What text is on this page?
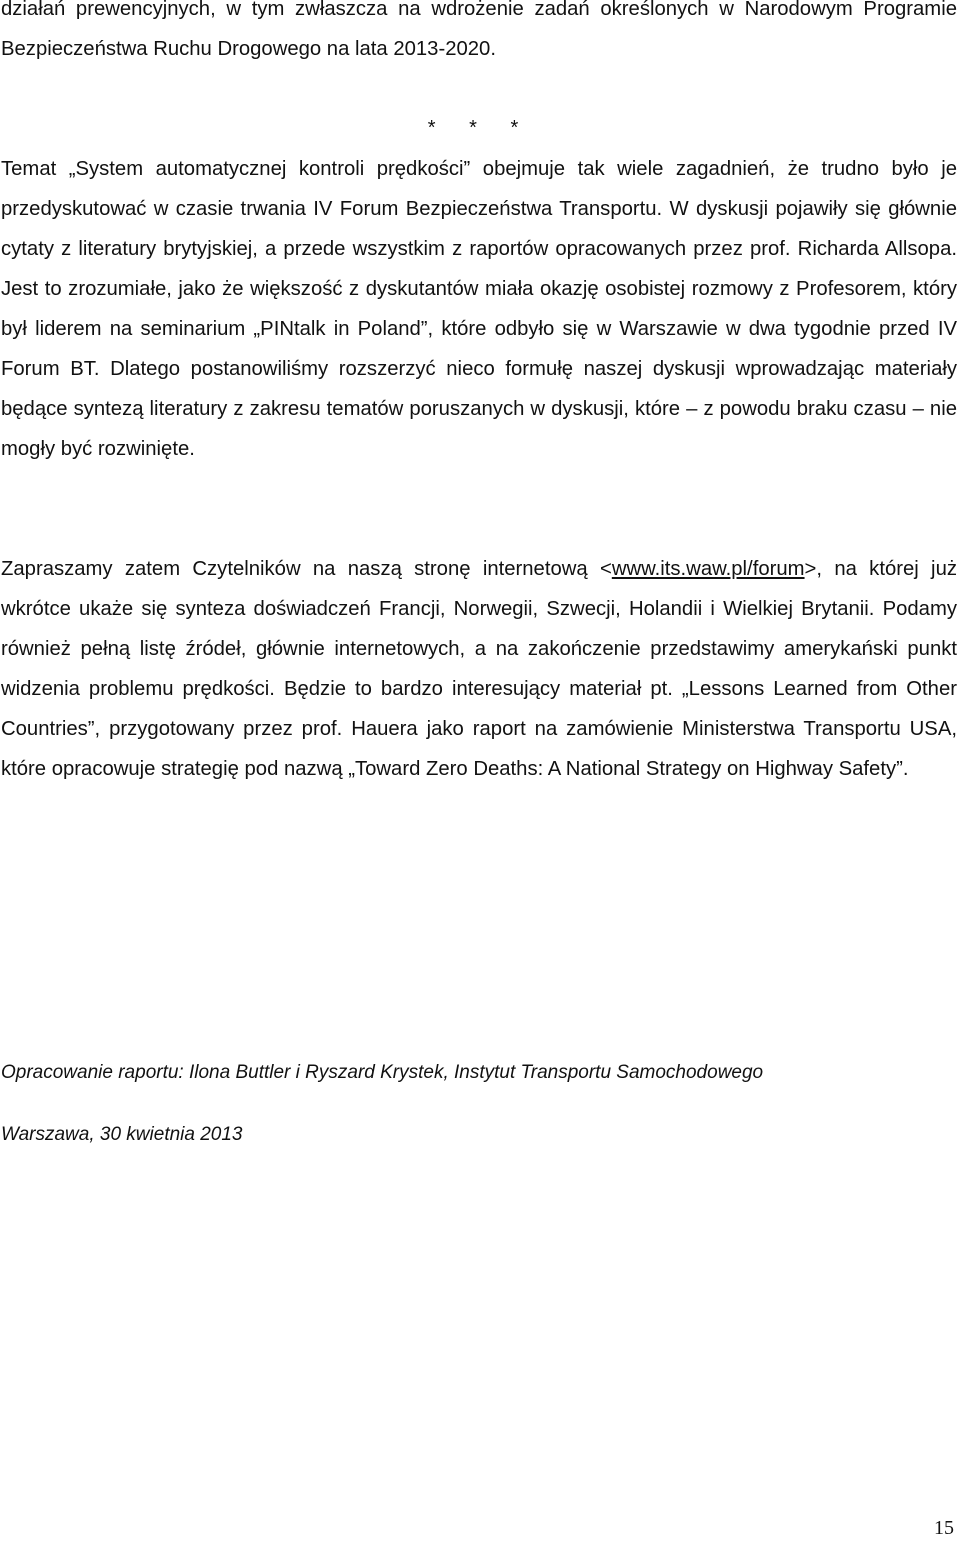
działań prewencyjnych, w tym zwłaszcza na wdrożenie zadań określonych w Narodowym Programie Bezpieczeństwa Ruchu Drogowego na lata 2013-2020.

* * *

Temat „System automatycznej kontroli prędkości” obejmuje tak wiele zagadnień, że trudno było je przedyskutować w czasie trwania IV Forum Bezpieczeństwa Transportu. W dyskusji pojawiły się głównie cytaty z literatury brytyjskiej, a przede wszystkim z raportów opracowanych przez prof. Richarda Allsopa. Jest to zrozumiałe, jako że większość z dyskutantów miała okazję osobistej rozmowy z Profesorem, który był liderem na seminarium „PINtalk in Poland”, które odbyło się w Warszawie w dwa tygodnie przed IV Forum BT. Dlatego postanowiliśmy rozszerzyć nieco formułę naszej dyskusji wprowadzając materiały będące syntezą literatury z zakresu tematów poruszanych w dyskusji, które – z powodu braku czasu – nie mogły być rozwinięte.

Zapraszamy zatem Czytelników na naszą stronę internetową <www.its.waw.pl/forum>, na której już wkrótce ukaże się synteza doświadczeń Francji, Norwegii, Szwecji, Holandii i Wielkiej Brytanii. Podamy również pełną listę źródeł, głównie internetowych, a na zakończenie przedstawimy amerykański punkt widzenia problemu prędkości. Będzie to bardzo interesujący materiał pt. „Lessons Learned from Other Countries”, przygotowany przez prof. Hauera jako raport na zamówienie Ministerstwa Transportu USA, które opracowuje strategię pod nazwą „Toward Zero Deaths: A National Strategy on Highway Safety”.

Opracowanie raportu: Ilona Buttler i Ryszard Krystek, Instytut Transportu Samochodowego

Warszawa, 30 kwietnia 2013

15
